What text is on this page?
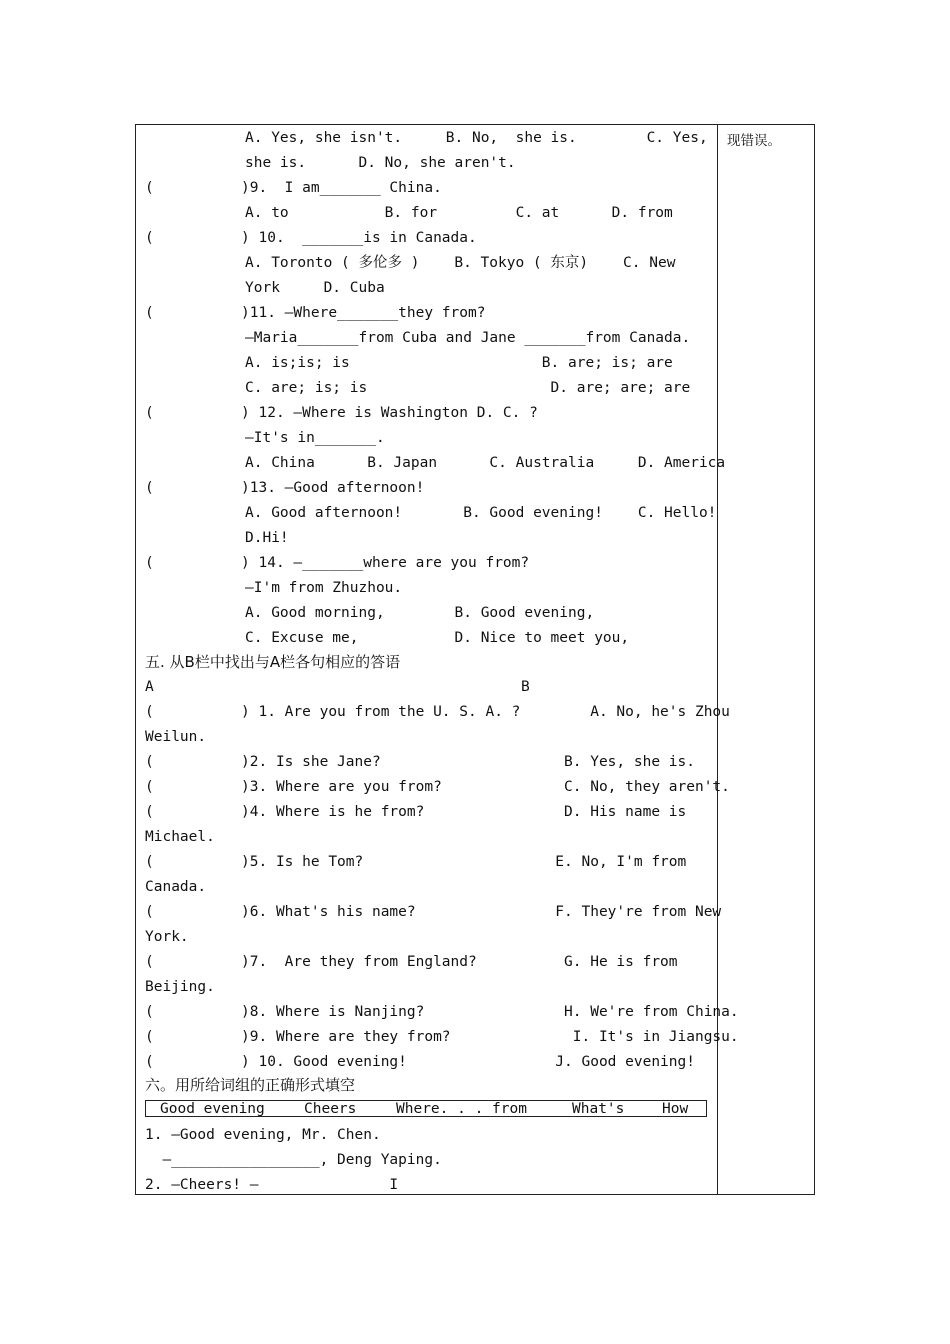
现错误。
A. Yes, she isn't.     B. No,  she is.        C. Yes,
she is.      D. No, she aren't.
(          )9.  I am_______ China.
A. to           B. for         C. at      D. from
(          ) 10.  _______is in Canada.
A. Toronto ( 多伦多 )    B. Tokyo ( 东京)    C. New
York     D. Cuba
(          )11. —Where_______they from?
—Maria_______from Cuba and Jane _______from Canada.
A. is;is; is                      B. are; is; are
C. are; is; is                     D. are; are; are
(          ) 12. —Where is Washington D. C. ?
—It's in_______.
A. China      B. Japan      C. Australia     D. America
(          )13. —Good afternoon!
A. Good afternoon!       B. Good evening!    C. Hello!
D.Hi!
(          ) 14. —_______where are you from?
—I'm from Zhuzhou.
A. Good morning,        B. Good evening,
C. Excuse me,           D. Nice to meet you,
五. 从B栏中找出与A栏各句相应的答语
A	B
(          ) 1. Are you from the U. S. A. ?        A. No, he's Zhou
Weilun.
(          )2. Is she Jane?                     B. Yes, she is.
(          )3. Where are you from?              C. No, they aren't.
(          )4. Where is he from?                D. His name is
Michael.
(          )5. Is he Tom?                      E. No, I'm from
Canada.
(          )6. What's his name?                F. They're from New
York.
(          )7.  Are they from England?          G. He is from
Beijing.
(          )8. Where is Nanjing?                H. We're from China.
(          )9. Where are they from?              I. It's in Jiangsu.
(          ) 10. Good evening!                 J. Good evening!
六。用所给词组的正确形式填空
Good evening	Cheers	Where. . . from	What's	How
1. —Good evening, Mr. Chen.
—_________________, Deng Yaping.
2. —Cheers! —               I
